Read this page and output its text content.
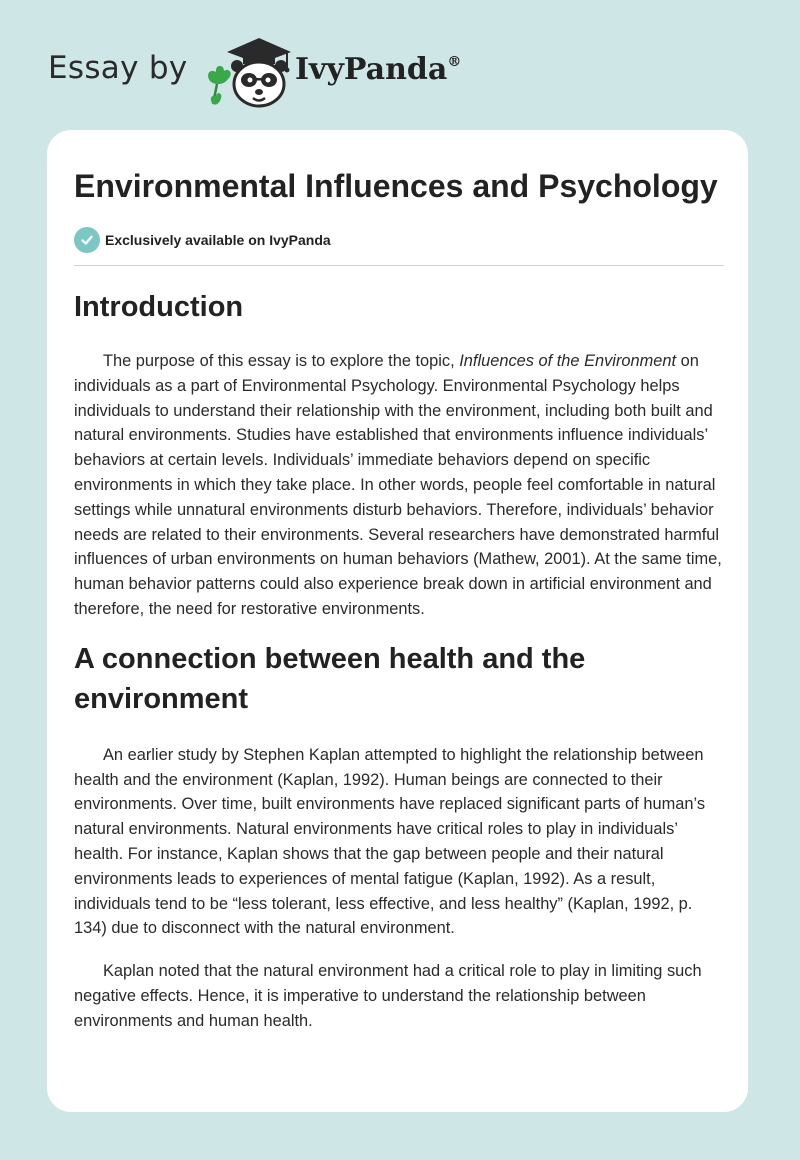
Essay by	IvyPanda®
Environmental Influences and Psychology
Exclusively available on IvyPanda
Introduction

The purpose of this essay is to explore the topic, Influences of the Environment on individuals as a part of Environmental Psychology. Environmental Psychology helps individuals to understand their relationship with the environment, including both built and natural environments. Studies have established that environments influence individuals’ behaviors at certain levels. Individuals’ immediate behaviors depend on specific environments in which they take place. In other words, people feel comfortable in natural settings while unnatural environments disturb behaviors. Therefore, individuals’ behavior needs are related to their environments. Several researchers have demonstrated harmful influences of urban environments on human behaviors (Mathew, 2001). At the same time, human behavior patterns could also experience break down in artificial environment and therefore, the need for restorative environments.

A connection between health and the environment

An earlier study by Stephen Kaplan attempted to highlight the relationship between health and the environment (Kaplan, 1992). Human beings are connected to their environments. Over time, built environments have replaced significant parts of human’s natural environments. Natural environments have critical roles to play in individuals’ health. For instance, Kaplan shows that the gap between people and their natural environments leads to experiences of mental fatigue (Kaplan, 1992). As a result, individuals tend to be “less tolerant, less effective, and less healthy” (Kaplan, 1992, p. 134) due to disconnect with the natural environment.

Kaplan noted that the natural environment had a critical role to play in limiting such negative effects. Hence, it is imperative to understand the relationship between environments and human health.
